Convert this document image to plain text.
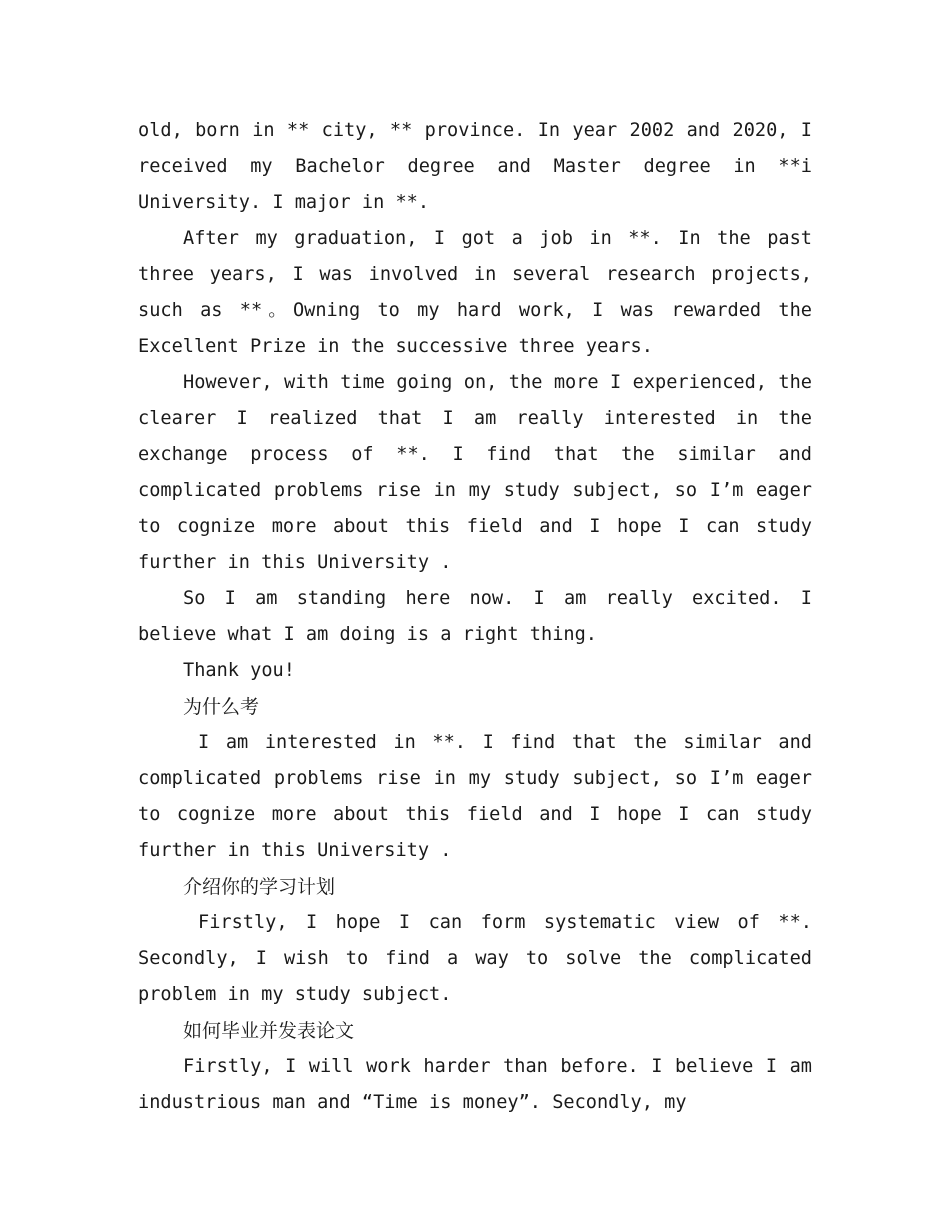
old, born in ** city, ** province. In year 2002 and 2020, I received my Bachelor degree and Master degree in **i University. I major in **.

After my graduation, I got a job in **. In the past three years, I was involved in several research projects, such as **。Owning to my hard work, I was rewarded the Excellent Prize in the successive three years.

However, with time going on, the more I experienced, the clearer I realized that I am really interested in the exchange process of **. I find that the similar and complicated problems rise in my study subject, so I’m eager to cognize more about this field and I hope I can study further in this University .

So I am standing here now. I am really excited. I believe what I am doing is a right thing.

Thank you!

为什么考

I am interested in **. I find that the similar and complicated problems rise in my study subject, so I’m eager to cognize more about this field and I hope I can study further in this University .

介绍你的学习计划

Firstly, I hope I can form systematic view of **. Secondly, I wish to find a way to solve the complicated problem in my study subject.

如何毕业并发表论文

Firstly, I will work harder than before. I believe I am industrious man and “Time is money”. Secondly, my
